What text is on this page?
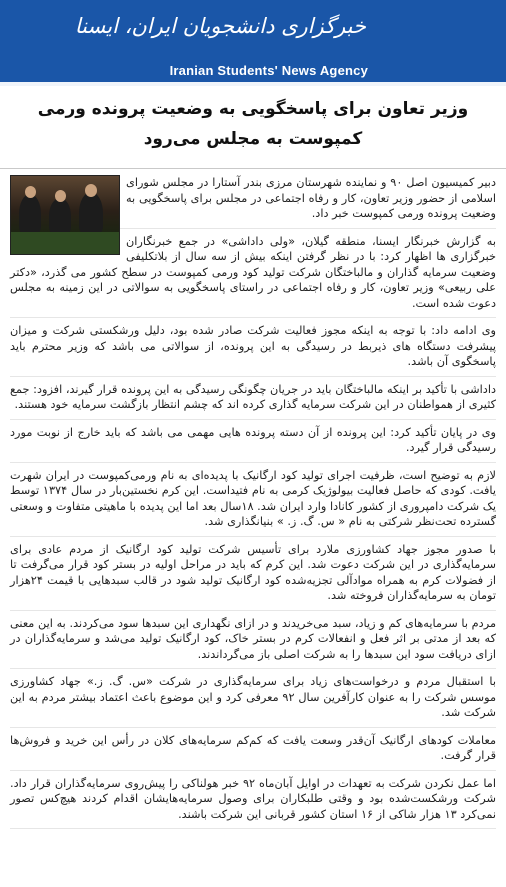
خبرگزاری دانشجویان ایران، ایسنا
Iranian Students' News Agency
وزیر تعاون برای پاسخگویی به وضعیت پرونده ورمی کمپوست به مجلس می‌رود

دبیر کمیسیون اصل ۹۰ و نماینده شهرستان مرزی بندر آستارا در مجلس شورای اسلامی از حضور وزیر تعاون، کار و رفاه اجتماعی در مجلس برای پاسخگویی به وضعیت پرونده ورمی کمپوست خبر داد.

به گزارش خبرنگار ایسنا، منطقه گیلان، «ولی داداشی» در جمع خبرنگاران خبرگزاری ها اظهار کرد: با در نظر گرفتن اینکه بیش از سه سال از بلاتکلیفی وضعیت سرمایه گذاران و مالباختگان شرکت تولید کود ورمی کمپوست در سطح کشور می گذرد، «دکتر علی ربیعی» وزیر تعاون، کار و رفاه اجتماعی در راستای پاسخگویی به سوالاتی در این زمینه به مجلس دعوت شده است.

وی ادامه داد: با توجه به اینکه مجوز فعالیت شرکت صادر شده بود، دلیل ورشکستی شرکت و میزان پیشرفت دستگاه های ذیربط در رسیدگی به این پرونده، از سوالاتی می باشد که وزیر محترم باید پاسخگوی آن باشد.

داداشی با تأکید بر اینکه مالباختگان باید در جریان چگونگی رسیدگی به این پرونده قرار گیرند، افزود: جمع کثیری از همواطنان در این شرکت سرمایه گذاری کرده اند که چشم انتظار بازگشت سرمایه خود هستند.

وی در پایان تأکید کرد: این پرونده از آن دسته پرونده هایی مهمی می باشد که باید خارج از نوبت مورد رسیدگی قرار گیرد.

لازم به توضیح است، ظرفیت اجرای تولید کود ارگانیک با پدیده‌ای به نام ورمی‌کمپوست در ایران شهرت یافت. کودی که حاصل فعالیت بیولوژیک کرمی به نام فتیداست. این کرم نخستین‌بار در سال ۱۳۷۴ توسط یک شرکت دامپروری از کشور کانادا وارد ایران شد. ۱۸سال بعد اما این پدیده با ماهیتی متفاوت و وسعتی گسترده تحت‌نظر شرکتی به نام « س. گ. ز. » بنیانگذاری شد.

با صدور مجوز جهاد کشاورزی ملارد برای تأسیس شرکت تولید کود ارگانیک از مردم عادی برای سرمایه‌گذاری در این شرکت دعوت شد. این کرم که باید در مراحل اولیه در بستر کود قرار می‌گرفت تا از فضولات کرم به همراه موادآلی تجزیه‌شده کود ارگانیک تولید شود در قالب سبدهایی با قیمت ۲۴هزار تومان به سرمایه‌گذاران فروخته شد.

مردم با سرمایه‌های کم و زیاد، سبد می‌خریدند و در ازای نگهداری این سبدها سود می‌کردند. به این معنی که بعد از مدتی بر اثر فعل و انفعالات کرم در بستر خاک، کود ارگانیک تولید می‌شد و سرمایه‌گذاران در ازای دریافت سود این سبدها را به شرکت اصلی باز می‌گرداندند.

با استقبال مردم و درخواست‌های زیاد برای سرمایه‌گذاری در شرکت «س. گ. ز.» جهاد کشاورزی موسس شرکت را به عنوان کارآفرین سال ۹۲ معرفی کرد و این موضوع باعث اعتماد بیشتر مردم به این شرکت شد.

معاملات کودهای ارگانیک آن‌قدر وسعت یافت که کم‌کم سرمایه‌های کلان در رأس این خرید و فروش‌ها قرار گرفت.

اما عمل نکردن شرکت به تعهدات در اوایل آبان‌ماه ۹۲ خبر هولناکی را پیش‌روی سرمایه‌گذاران قرار داد. شرکت ورشکست‌شده بود و وقتی طلبکاران برای وصول سرمایه‌هایشان اقدام کردند هیچ‌کس تصور نمی‌کرد ۱۳ هزار شاکی از ۱۶ استان کشور قربانی این شرکت باشند.
